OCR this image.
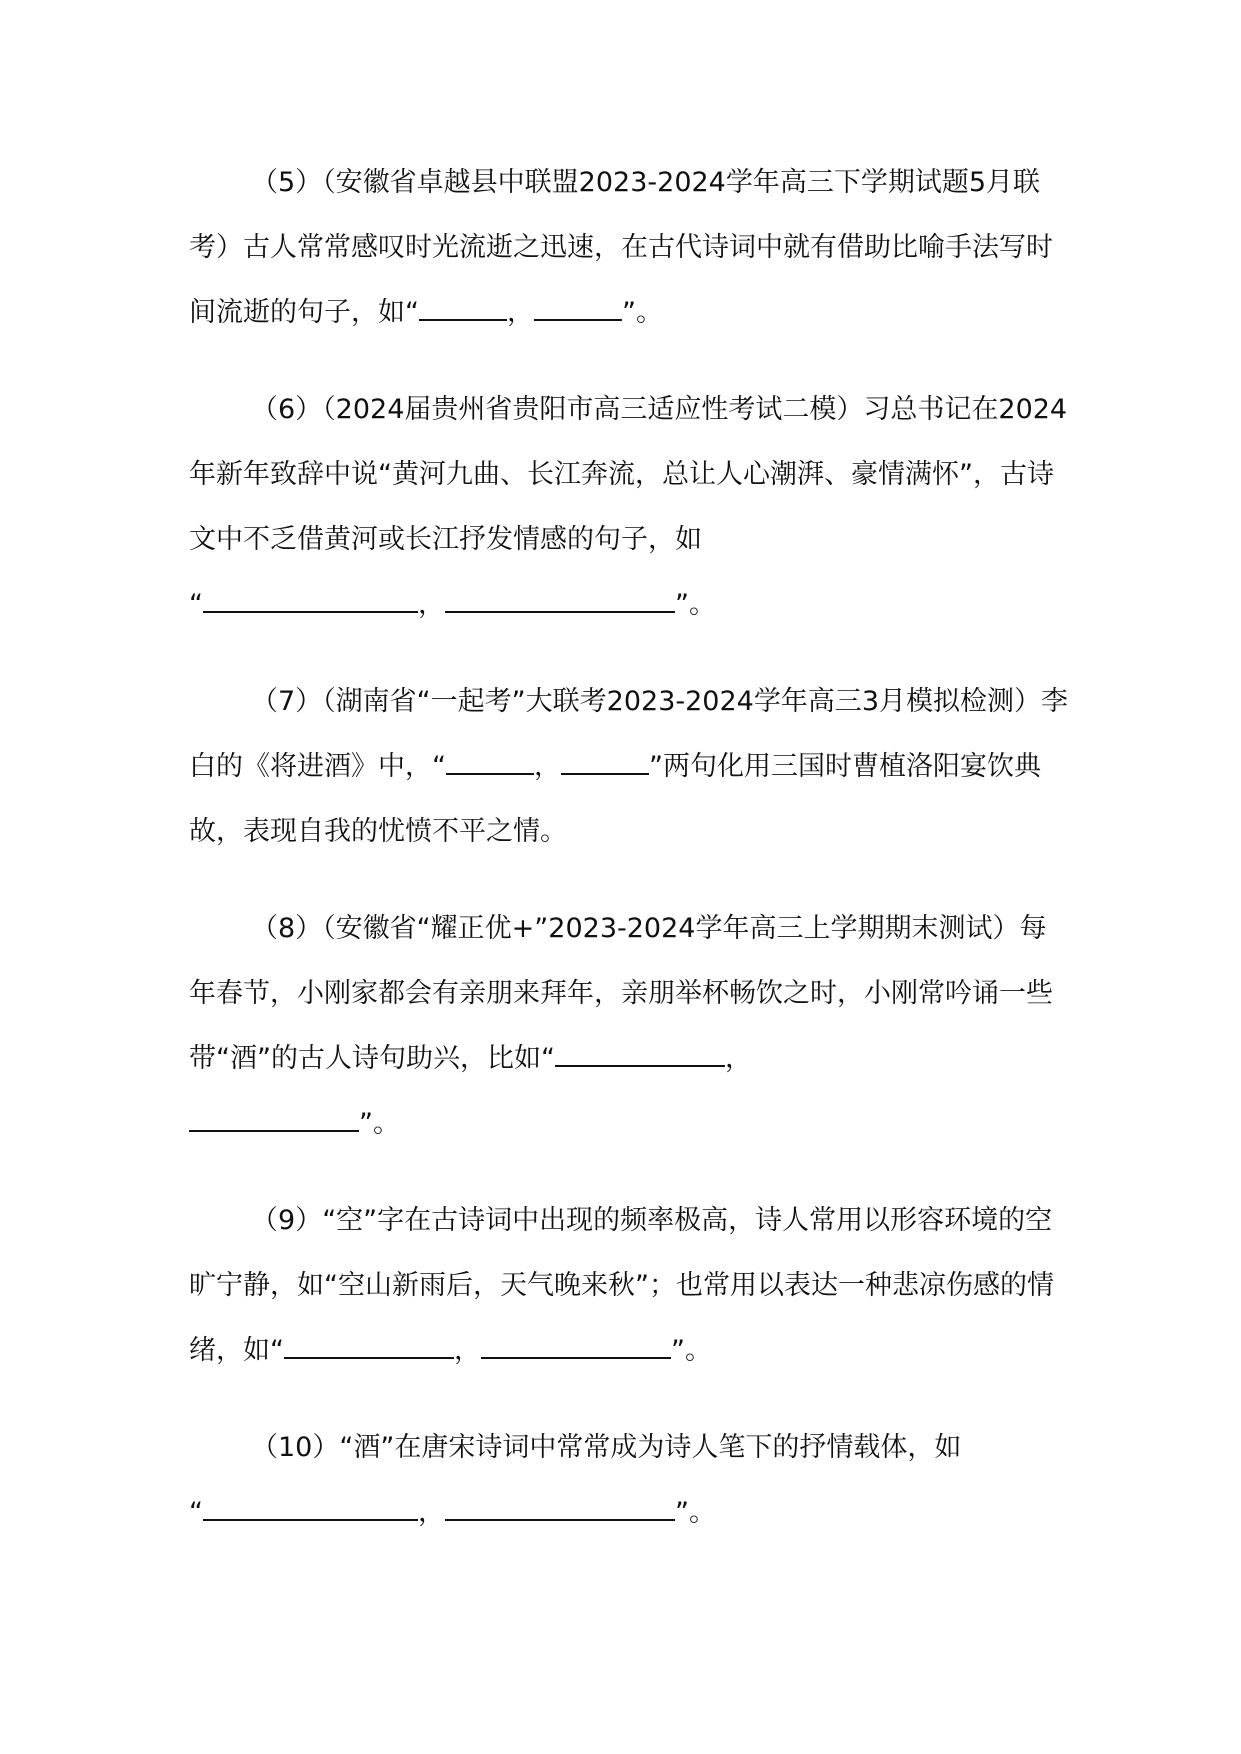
（5）（安徽省卓越县中联盟2023-2024学年高三下学期试题5月联考）古人常常感叹时光流逝之迅速，在古代诗词中就有借助比喻手法写时间流逝的句子，如“	，	”。

（6）（2024届贵州省贵阳市高三适应性考试二模）习总书记在2024年新年致辞中说“黄河九曲、长江奔流，总让人心潮湃、豪情满怀”，古诗文中不乏借黄河或长江抒发情感的句子，如
“	，	”。

（7）（湖南省“一起考”大联考2023-2024学年高三3月模拟检测）李白的《将进酒》中，“	，	”两句化用三国时曹植洛阳宴饮典故，表现自我的忧愤不平之情。

（8）（安徽省“耀正优+”2023-2024学年高三上学期期末测试）每年春节，小刚家都会有亲朋来拜年，亲朋举杯畅饮之时，小刚常吟诵一些带“酒”的古人诗句助兴，比如“	，
”。

（9）“空”字在古诗词中出现的频率极高，诗人常用以形容环境的空旷宁静，如“空山新雨后，天气晚来秋”；也常用以表达一种悲凉伤感的情绪，如“	，	”。

（10）“酒”在唐宋诗词中常常成为诗人笔下的抒情载体，如
“	，	”。
